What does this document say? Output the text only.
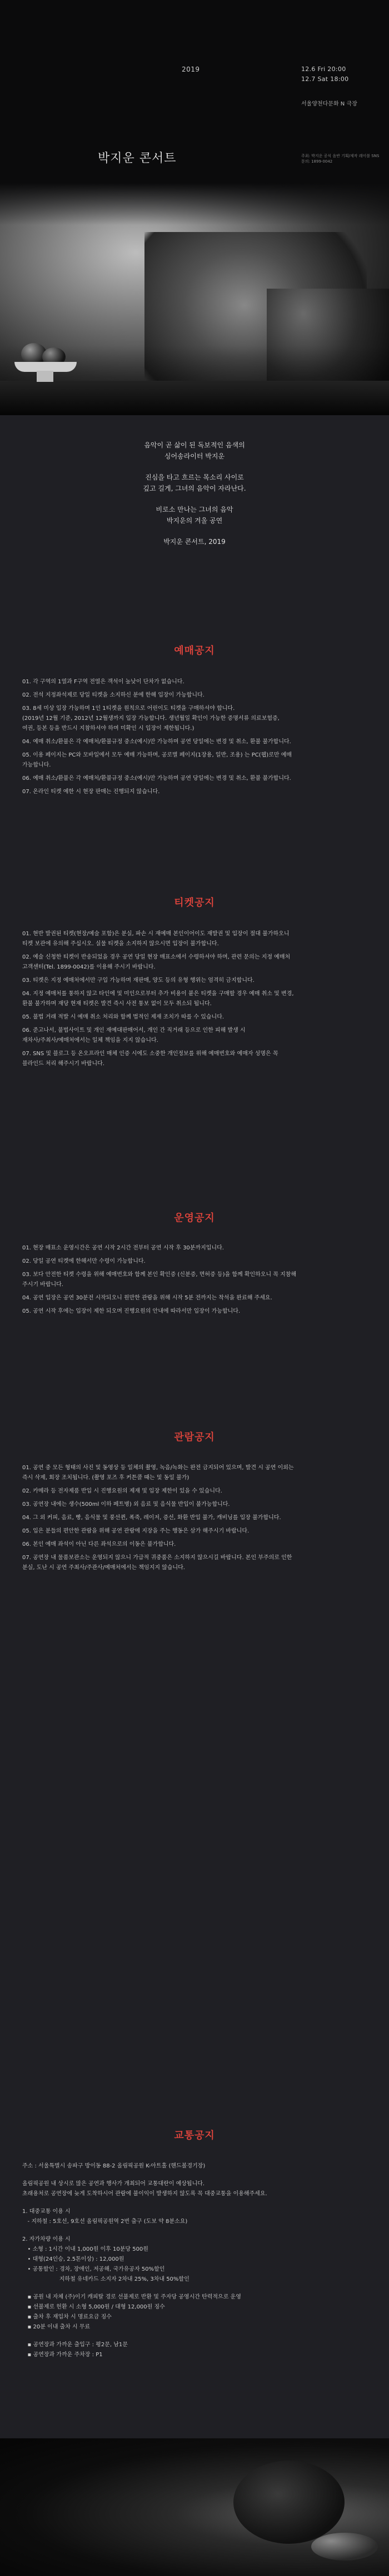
2019	12.6 Fri 20:00
12.7 Sat 18:00
서울양천다문화 N 극장
박지운 콘서트	주최: 박지운 공식 음반 기획/제작 레이블 SNS
문의: 1899-0042

음악이 곧 삶이 된 독보적인 음색의
싱어송라이터 박지운

진심을 타고 흐르는 목소리 사이로
깊고 길게, 그녀의 음악이 자라난다.

비로소 만나는 그녀의 음악
박지운의 겨울 공연

박지운 콘서트, 2019

예매공지
01. 각 구역의 1열과 F구역 전열은 객석이 높낮이 단차가 없습니다.
02. 전석 지정좌석제로 당일 티켓을 소지하신 분에 한해 입장이 가능합니다.
03. 8세 미상 입장 가능하며 1인 1티켓을 원칙으로 어린이도 티켓을 구매하셔야 합니다.
(2019년 12월 기준, 2012년 12월생까지 입장 가능합니다. 생년월일 확인이 가능한 증명서류 의료보험증,
여권, 등본 등을 반드시 지참하셔야 하며 미확인 시 입장이 제한됩니다.)
04. 예매 취소/환불은 각 예매처/환불규정 중소(예시)만 가능하며 공연 당일에는 변경 및 취소, 환불 불가합니다.
05. 이용 페이지는 PC와 모바일에서 모두 예매 가능하며, 공로별 페이지(1장용, 일반, 조용) 는 PC(웹)로만 예매
가능합니다.
06. 예매 취소/환불은 각 예매처/환불규정 중소(예시)만 가능하며 공연 당일에는 변경 및 취소, 환불 불가합니다.
07. 온라인 티켓 예한 시 현장 판매는 진행되지 않습니다.
티켓공지
01. 현반 발권된 티켓(현장/예술 포함)은 분실, 파손 시 재예매 본인이어이도 재발권 및 입장이 절대 불가하오니
티켓 보관에 유의해 주십시오. 실물 티켓을 소지하지 않으시면 입장이 불가합니다.
02. 예술 신청한 티켓이 반송되었을 경우 공연 당일 현장 매표소에서 수령하셔야 하며, 관련 문의는 지정 예매처
고객센터(Tel. 1899-0042)를 이용해 주시기 바랍니다.
03. 티켓은 지정 예매처에서만 구입 가능하며 재판매, 양도 등의 유형 행위는 엄격히 금지합니다.
04. 지정 예매처를 통하지 않고 타인에 및 미인으로부터 추가 비용이 붙은 티켓을 구매할 경우 예매 취소 및 변경,
환불 불가하며 재당 현재 티켓은 발견 즉시 사전 통보 없이 모두 취소되 됩니다.
05. 불법 거래 적발 시 예매 취소 처리와 함께 법적인 제재 조치가 따를 수 있습니다.
06. 준고나서, 불법사이트 및 개인 재예대판매어서, 개인 간 직거래 등으로 인한 피해 발생 시
재차사/주최사/예매처에서는 일체 책임을 지지 않습니다.
07. SNS 및 블로그 등 온오프라인 매체 인증 시에도 소중한 개인정보를 위해 예매번호와 예매자 성명은 꼭
블라인드 처리 해주시기 바랍니다.
운영공지
01. 현장 매표소 운영시간은 공연 시작 2시간 전부터 공연 시작 후 30분까지입니다.
02. 당일 공연 티켓에 한해서만 수령이 가능합니다.
03. 보다 안전한 티켓 수령을 위해 예매번호와 함께 본인 확인증 (신분증, 면허증 등)을 함께 확인하오니 꼭 지참해
주시기 바랍니다.
04. 공연 입장은 공연 30분전 시작되오니 원만한 관람을 위해 시작 5분 전까지는 착석을 완료해 주세요.
05. 공연 시작 후에는 입장이 제한 되오며 진행요원의 안내에 따라서만 입장이 가능합니다.
관람공지
01. 공연 중 모든 형태의 사진 및 동영상 등 일체의 촬영, 녹음/녹화는 완전 금지되어 있으며, 발견 시 공연 이외는
즉시 삭제, 회장 조치됩니다. (촬영 포즈 후 커튼콜 때는 및 동일 불가)
02. 카메라 등 전자제품 반입 시 진행요원의 제재 및 입장 제한이 있을 수 있습니다.
03. 공연장 내에는 생수(500ml 이하 페트병) 외 음료 및 음식물 반입이 불가능합니다.
04. 그 외 커피, 음료, 빵, 음식물 및 풍선퀸, 폭죽, 레이저, 증선, 화환 반입 불가, 캐비닝를 입장 불가합니다.
05. 입은 분들의 편안한 관람을 위해 공연 관람에 지장을 주는 행동은 삼가 해주시기 바랍니다.
06. 본인 예매 좌석이 아닌 다른 좌석으로의 이동은 불가합니다.
07. 공연장 내 물품보관소는 운영되지 않으니 가급적 귀중품은 소지하지 않으시길 바랍니다. 본인 부주의로 인한
분실, 도난 시 공연 주최사/주관사/예매처에서는 책임지지 않습니다.
교통공지
주소 : 서울특별시 송파구 방이동 88-2 올림픽공원 K-아트홀 (핸드볼경기장)
올림픽공원 내 상시로 많은 공연과 행사가 개최되어 교통대란이 예상됩니다.
초래용처로 공연장에 늦게 도착하시어 관람에 불이익이 발생하지 않도록 꼭 대중교통을 이용해주세요.
1. 대중교통 이용 시
- 지하철 : 5호선, 9호선 올림픽공원역 2번 출구 (도보 약 8분소요)
2. 자가차량 이용 시
• 소형 : 1시간 이내 1,000원 이후 10분당 500원
• 대형(24인승, 2.5톤이상) : 12,000원
• 공통할인 : 경차, 장애인, 저공해, 국가유공자 50%할인
지하철 유네카드 소지자 2차내 25%, 3차내 50%할인
▪ 공원 내 자체 (주)이기 캐피탈 경로 선불제로 반환 및 주자당 공영시간 탄력적으로 운영
▪ 선불제로 헌환 시 소형 5,000원 / 대형 12,000원 징수
▪ 출차 후 재입차 시 명료요금 징수
▪ 20분 이내 출차 시 무료
▪ 공연장과 가까운 출입구 : 평2문, 남1문
▪ 공연장과 가까운 주차장 : P1
